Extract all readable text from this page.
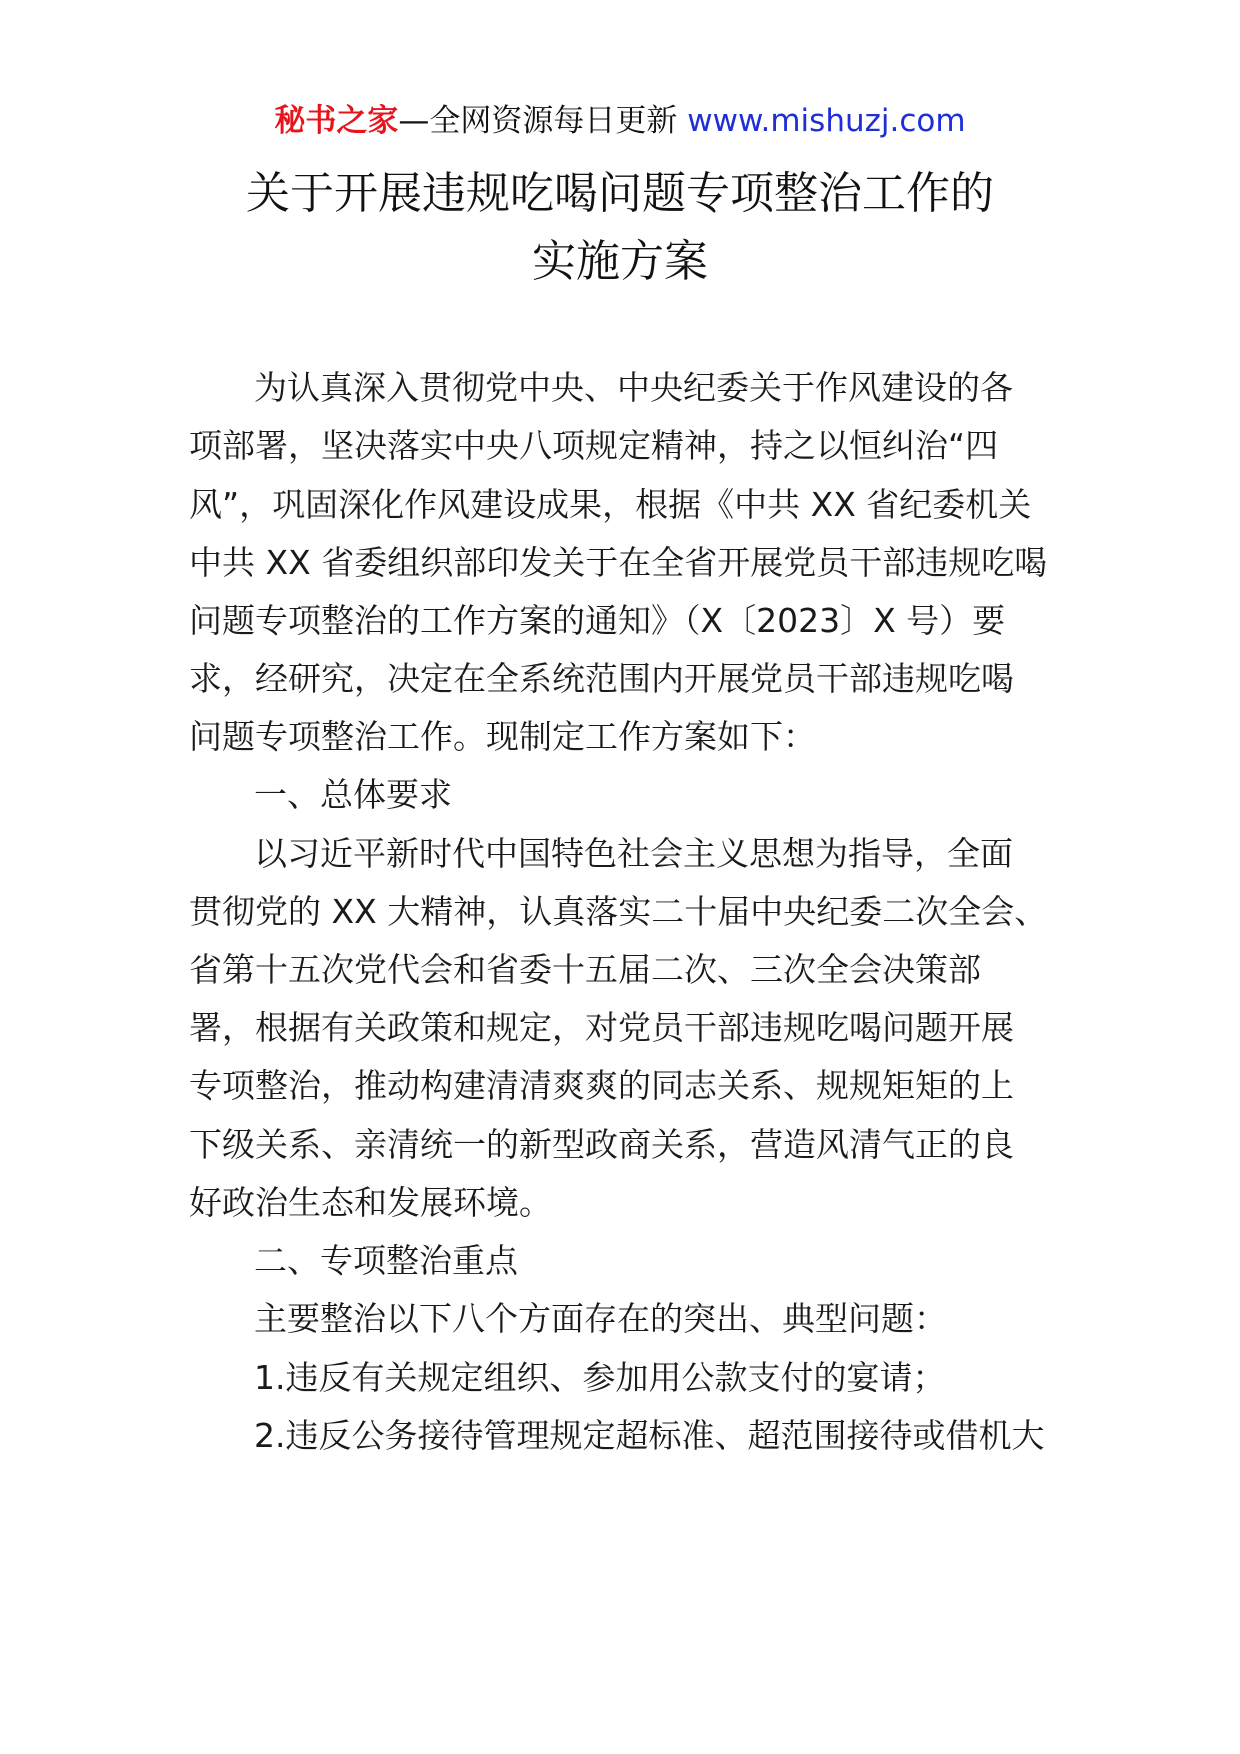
秘书之家—全网资源每日更新 www.mishuzj.com
关于开展违规吃喝问题专项整治工作的
实施方案
为认真深入贯彻党中央、中央纪委关于作风建设的各
项部署，坚决落实中央八项规定精神，持之以恒纠治“四
风”，巩固深化作风建设成果，根据《中共 XX 省纪委机关
中共 XX 省委组织部印发关于在全省开展党员干部违规吃喝
问题专项整治的工作方案的通知》（X〔2023〕X 号）要
求，经研究，决定在全系统范围内开展党员干部违规吃喝
问题专项整治工作。现制定工作方案如下：
一、总体要求
以习近平新时代中国特色社会主义思想为指导，全面
贯彻党的 XX 大精神，认真落实二十届中央纪委二次全会、
省第十五次党代会和省委十五届二次、三次全会决策部
署，根据有关政策和规定，对党员干部违规吃喝问题开展
专项整治，推动构建清清爽爽的同志关系、规规矩矩的上
下级关系、亲清统一的新型政商关系，营造风清气正的良
好政治生态和发展环境。
二、专项整治重点
主要整治以下八个方面存在的突出、典型问题：
1.违反有关规定组织、参加用公款支付的宴请；
2.违反公务接待管理规定超标准、超范围接待或借机大
